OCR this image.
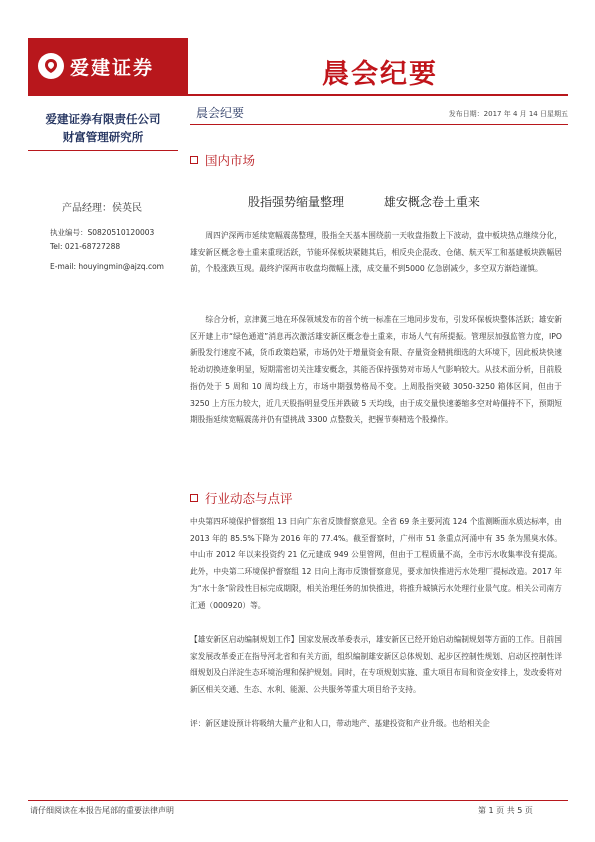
爱建证券	晨会纪要
爱建证券有限责任公司
财富管理研究所
产品经理：侯英民
执业编号：S0820510120003
Tel: 021-68727288
E-mail: houyingmin@ajzq.com
晨会纪要	发布日期：2017 年 4 月 14 日星期五
国内市场
股指强势缩量整理	雄安概念卷土重来
周四沪深两市延续宽幅震荡整理，股指全天基本围绕前一天收盘指数上下波动，盘中板块热点继续分化，雄安新区概念卷土重来重现活跃，节能环保板块紧随其后，相反央企混改、仓储、航天军工和基建板块跌幅居前，个股涨跌互现。最终沪深两市收盘均微幅上涨，成交量不到5000 亿急剧减少，多空双方渐趋谨慎。
综合分析，京津冀三地在环保领域发布的首个统一标准在三地同步发布，引发环保板块整体活跃；雄安新区开建上市“绿色通道”消息再次激活雄安新区概念卷土重来，市场人气有所提振。管理层加强监管力度，IPO 新股发行速度不减，货币政策趋紧，市场仍处于增量资金有限、存量资金精挑细选的大环境下，因此板块快速轮动切换迹象明显，短期需密切关注雄安概念，其能否保持强势对市场人气影响较大。从技术面分析，目前股指仍处于 5 周和 10 周均线上方，市场中期强势格局不变。上周股指突破 3050-3250 箱体区间，但由于 3250 上方压力较大，近几天股指明显受压并跌破 5 天均线，由于成交量快速萎缩多空对峙僵持不下，预期短期股指延续宽幅震荡并仍有望挑战 3300 点整数关，把握节奏精选个股操作。
行业动态与点评
中央第四环境保护督察组 13 日向广东省反馈督察意见。全省 69 条主要河流 124 个监测断面水质达标率，由 2013 年的 85.5%下降为 2016 年的 77.4%。截至督察时，广州市 51 条重点河涌中有 35 条为黑臭水体。中山市 2012 年以来投资约 21 亿元建成 949 公里管网，但由于工程质量不高，全市污水收集率没有提高。此外，中央第二环境保护督察组 12 日向上海市反馈督察意见，要求加快推进污水处理厂提标改造。2017 年为“水十条”阶段性目标完成期限，相关治理任务的加快推进，将推升城镇污水处理行业景气度。相关公司南方汇通（000920）等。
【雄安新区启动编制规划工作】国家发展改革委表示，雄安新区已经开始启动编制规划等方面的工作。目前国家发展改革委正在指导河北省和有关方面，组织编制雄安新区总体规划、起步区控制性规划、启动区控制性详细规划及白洋淀生态环境治理和保护规划。同时，在专项规划实施、重大项目布局和资金安排上，发改委将对新区相关交通、生态、水利、能源、公共服务等重大项目给予支持。
评：新区建设预计将吸纳大量产业和人口，带动地产、基建投资和产业升级。也给相关企
请仔细阅读在本报告尾部的重要法律声明	第 1 页 共 5 页
